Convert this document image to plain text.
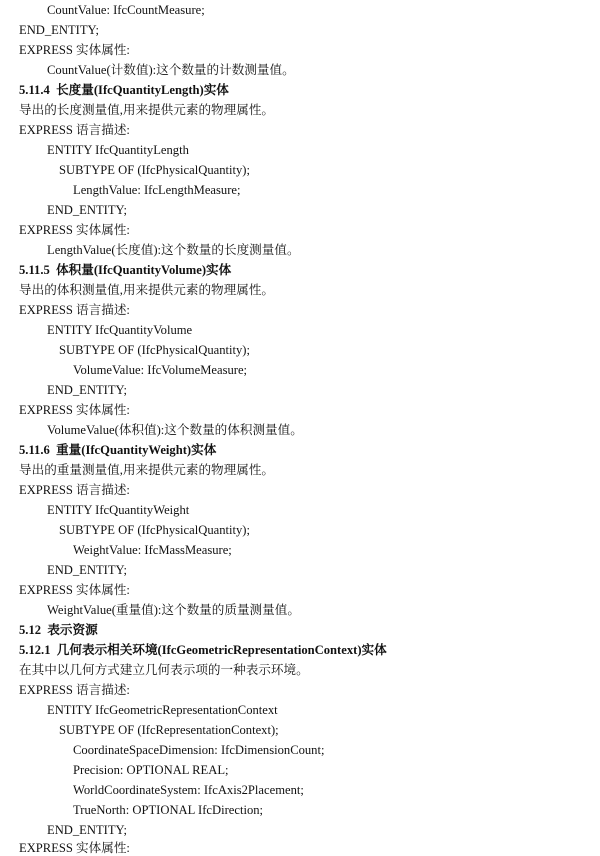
CountValue: IfcCountMeasure;
END_ENTITY;
EXPRESS 实体属性:
CountValue(计数值):这个数量的计数测量值。
5.11.4  长度量(IfcQuantityLength)实体
导出的长度测量值,用来提供元素的物理属性。
EXPRESS 语言描述:
ENTITY IfcQuantityLength
SUBTYPE OF (IfcPhysicalQuantity);
LengthValue: IfcLengthMeasure;
END_ENTITY;
EXPRESS 实体属性:
LengthValue(长度值):这个数量的长度测量值。
5.11.5  体积量(IfcQuantityVolume)实体
导出的体积测量值,用来提供元素的物理属性。
EXPRESS 语言描述:
ENTITY IfcQuantityVolume
SUBTYPE OF (IfcPhysicalQuantity);
VolumeValue: IfcVolumeMeasure;
END_ENTITY;
EXPRESS 实体属性:
VolumeValue(体积值):这个数量的体积测量值。
5.11.6  重量(IfcQuantityWeight)实体
导出的重量测量值,用来提供元素的物理属性。
EXPRESS 语言描述:
ENTITY IfcQuantityWeight
SUBTYPE OF (IfcPhysicalQuantity);
WeightValue: IfcMassMeasure;
END_ENTITY;
EXPRESS 实体属性:
WeightValue(重量值):这个数量的质量测量值。
5.12  表示资源
5.12.1  几何表示相关环境(IfcGeometricRepresentationContext)实体
在其中以几何方式建立几何表示项的一种表示环境。
EXPRESS 语言描述:
ENTITY IfcGeometricRepresentationContext
SUBTYPE OF (IfcRepresentationContext);
CoordinateSpaceDimension: IfcDimensionCount;
Precision: OPTIONAL REAL;
WorldCoordinateSystem: IfcAxis2Placement;
TrueNorth: OPTIONAL IfcDirection;
END_ENTITY;
EXPRESS 实体属性:
